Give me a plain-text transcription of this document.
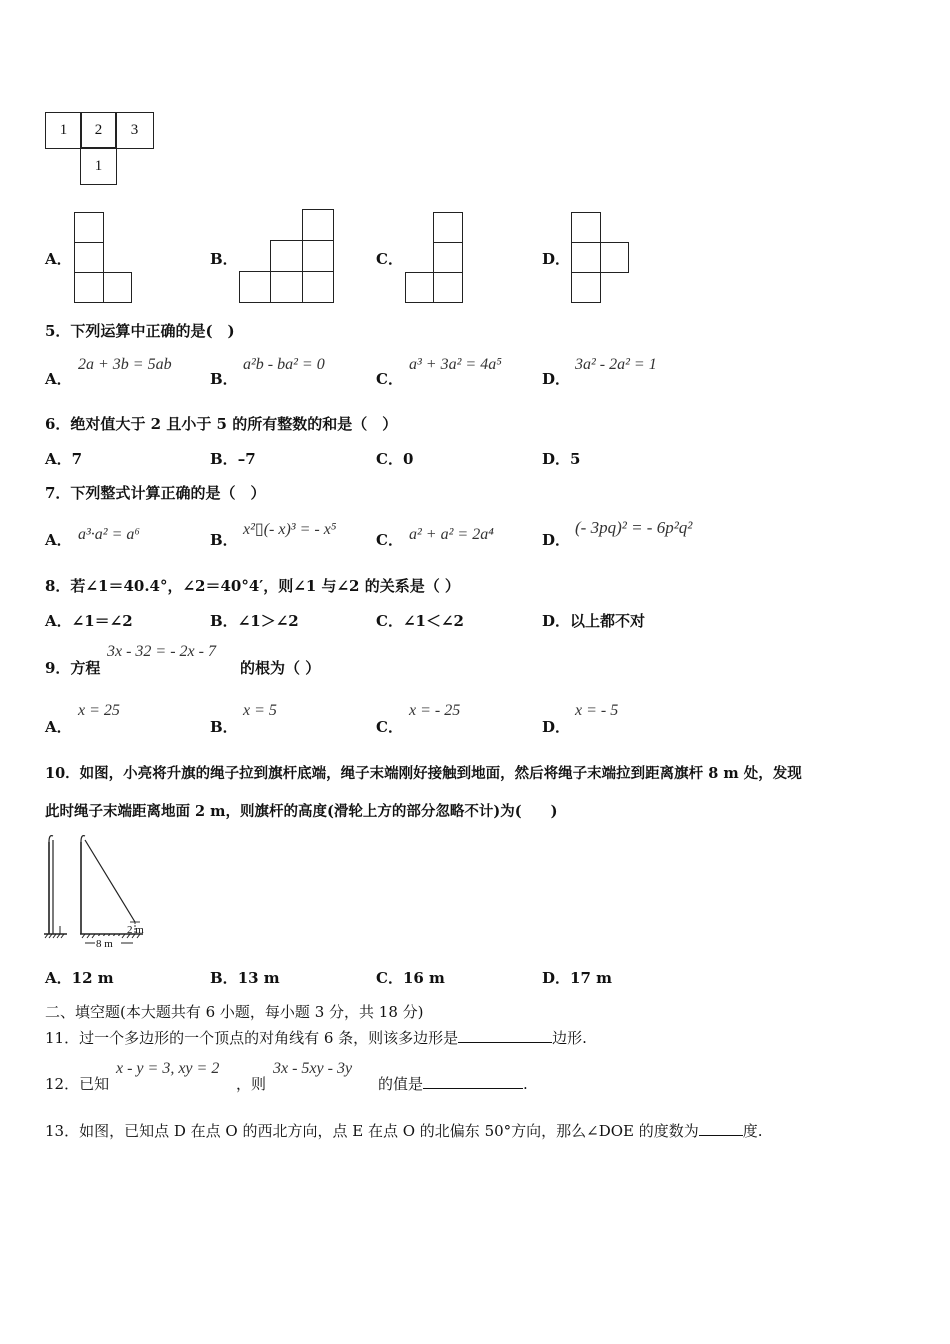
1	2	3
1
A．	B．	C．	D．
5．下列运算中正确的是(　)
A．
2a + 3b = 5ab
B．
a²b - ba² = 0
C．
a³ + 3a² = 4a⁵
D．
3a² - 2a² = 1
6．绝对值大于 2 且小于 5 的所有整数的和是（　）
A．7	B．–7	C．0	D．5
7．下列整式计算正确的是（　）
A． a³·a² = a⁶	B．
x²▯(- x)³ = - x⁵
C． a² + a² = 2a⁴	D．
(- 3pq)² = - 6p²q²
8．若∠1＝40.4°，∠2＝40°4′，则∠1 与∠2 的关系是（ ）
A．∠1＝∠2	B．∠1＞∠2	C．∠1＜∠2	D．以上都不对
9．方程
3x - 32 = - 2x - 7
的根为（ ）
A．
x = 25
B．
x = 5
C．
x = - 25
D．
x = - 5
10．如图，小亮将升旗的绳子拉到旗杆底端，绳子末端刚好接触到地面，然后将绳子末端拉到距离旗杆 8 m 处，发现
此时绳子末端距离地面 2 m，则旗杆的高度(滑轮上方的部分忽略不计)为(　　)
2 m
8 m
A．12 m	B．13 m	C．16 m	D．17 m
二、填空题(本大题共有 6 小题，每小题 3 分，共 18 分)
11．过一个多边形的一个顶点的对角线有 6 条，则该多边形是	边形.
12．已知
x - y = 3, xy = 2
，则
3x - 5xy - 3y
的值是	.
13．如图，已知点 D 在点 O 的西北方向，点 E 在点 O 的北偏东 50°方向，那么∠DOE 的度数为	度.
